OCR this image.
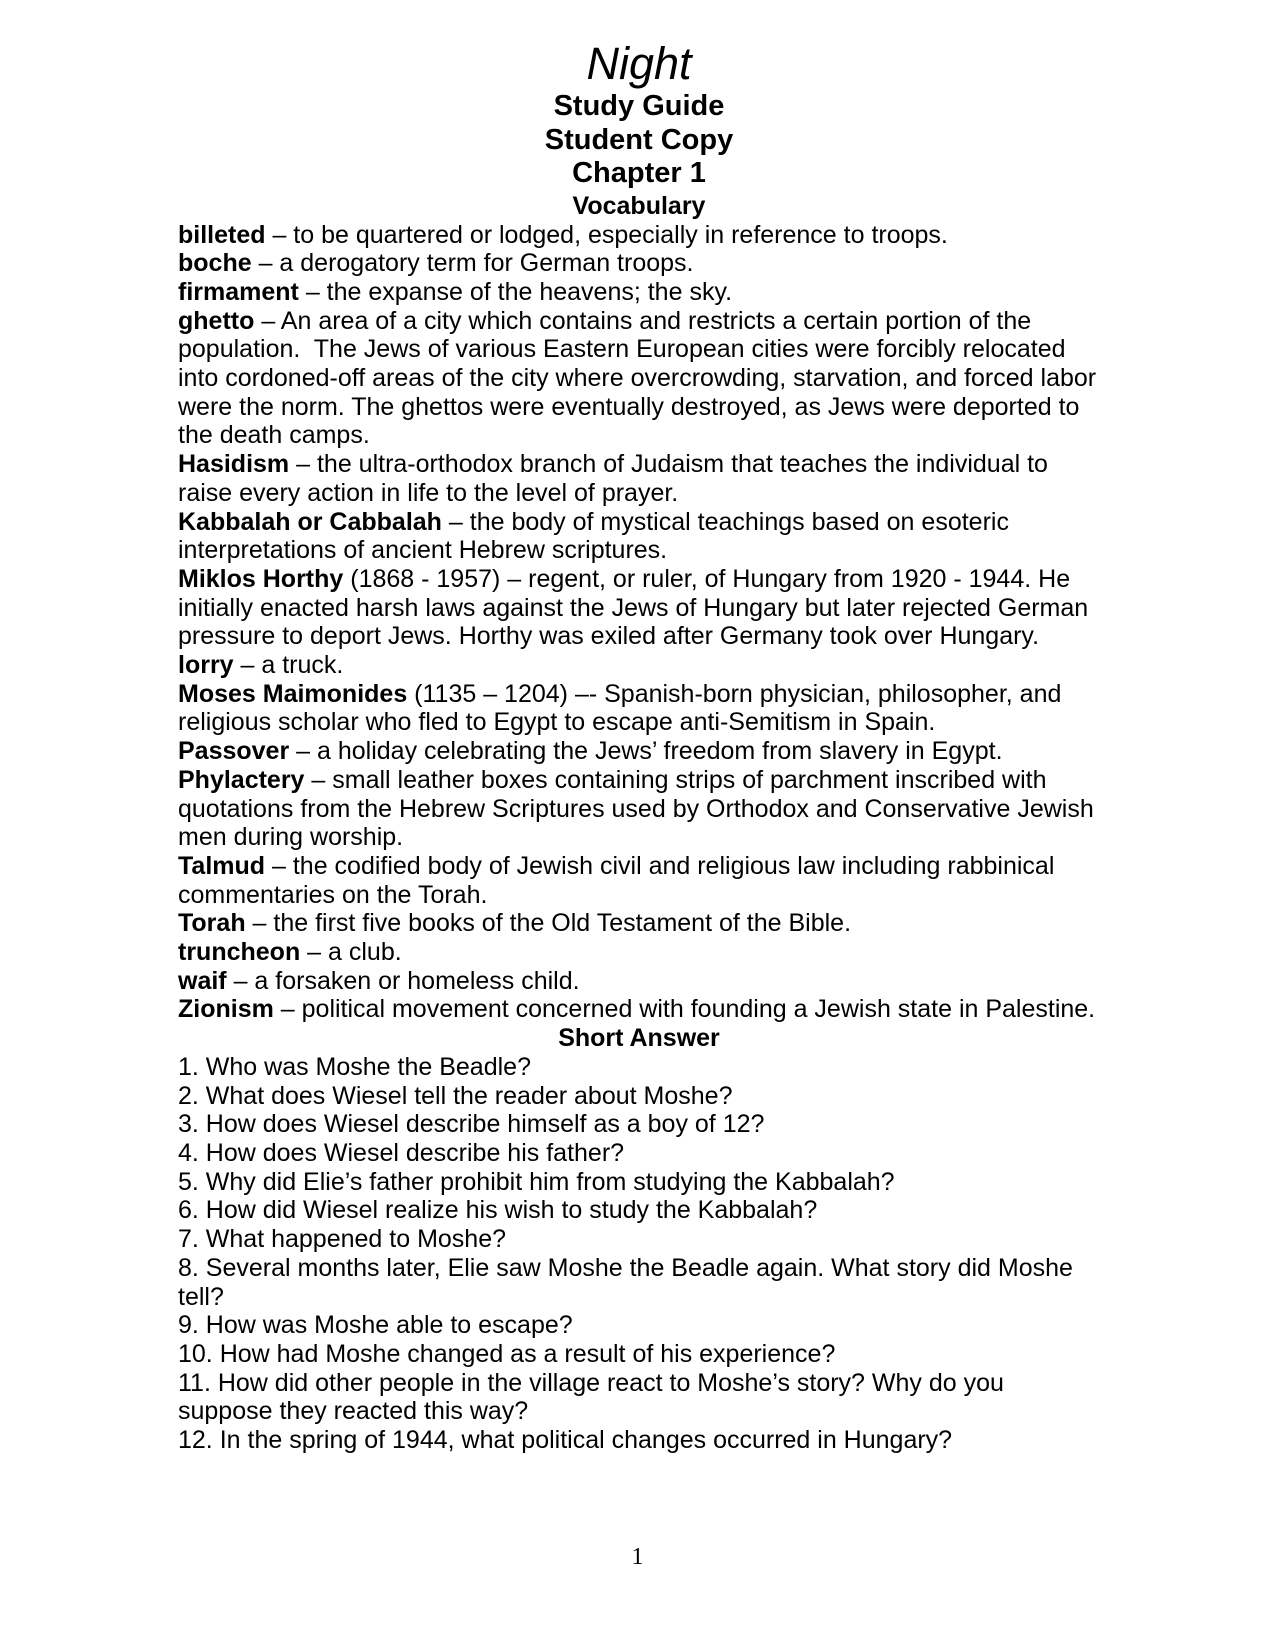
Night
Study Guide
Student Copy
Chapter 1
Vocabulary
billeted – to be quartered or lodged, especially in reference to troops.
boche – a derogatory term for German troops.
firmament – the expanse of the heavens; the sky.
ghetto – An area of a city which contains and restricts a certain portion of the population.  The Jews of various Eastern European cities were forcibly relocated into cordoned-off areas of the city where overcrowding, starvation, and forced labor were the norm. The ghettos were eventually destroyed, as Jews were deported to the death camps.
Hasidism – the ultra-orthodox branch of Judaism that teaches the individual to raise every action in life to the level of prayer.
Kabbalah or Cabbalah – the body of mystical teachings based on esoteric interpretations of ancient Hebrew scriptures.
Miklos Horthy (1868 - 1957) – regent, or ruler, of Hungary from 1920 - 1944. He initially enacted harsh laws against the Jews of Hungary but later rejected German pressure to deport Jews. Horthy was exiled after Germany took over Hungary.
lorry – a truck.
Moses Maimonides (1135 – 1204) –- Spanish-born physician, philosopher, and religious scholar who fled to Egypt to escape anti-Semitism in Spain.
Passover – a holiday celebrating the Jews’ freedom from slavery in Egypt.
Phylactery – small leather boxes containing strips of parchment inscribed with quotations from the Hebrew Scriptures used by Orthodox and Conservative Jewish men during worship.
Talmud – the codified body of Jewish civil and religious law including rabbinical commentaries on the Torah.
Torah – the first five books of the Old Testament of the Bible.
truncheon – a club.
waif – a forsaken or homeless child.
Zionism – political movement concerned with founding a Jewish state in Palestine.
Short Answer
1. Who was Moshe the Beadle?
2. What does Wiesel tell the reader about Moshe?
3. How does Wiesel describe himself as a boy of 12?
4. How does Wiesel describe his father?
5. Why did Elie’s father prohibit him from studying the Kabbalah?
6. How did Wiesel realize his wish to study the Kabbalah?
7. What happened to Moshe?
8. Several months later, Elie saw Moshe the Beadle again. What story did Moshe tell?
9. How was Moshe able to escape?
10. How had Moshe changed as a result of his experience?
11. How did other people in the village react to Moshe’s story? Why do you suppose they reacted this way?
12. In the spring of 1944, what political changes occurred in Hungary?
1
